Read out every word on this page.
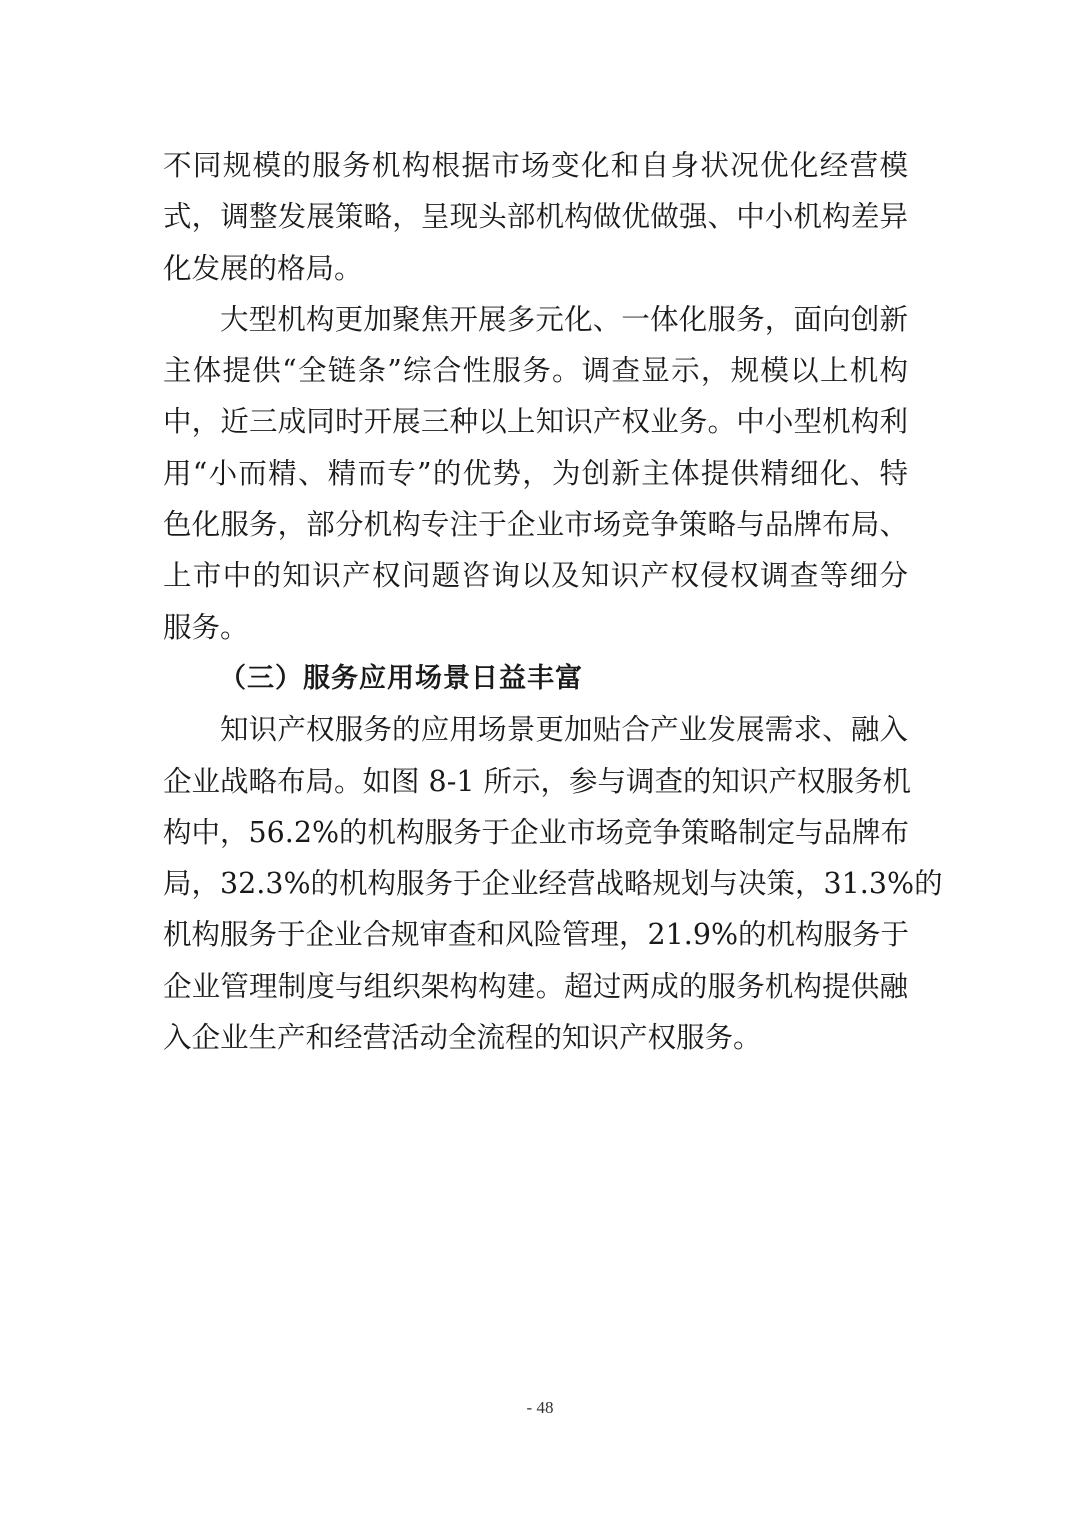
不同规模的服务机构根据市场变化和自身状况优化经营模
式，调整发展策略，呈现头部机构做优做强、中小机构差异
化发展的格局。
大型机构更加聚焦开展多元化、一体化服务，面向创新
主体提供“全链条”综合性服务。调查显示，规模以上机构
中，近三成同时开展三种以上知识产权业务。中小型机构利
用“小而精、精而专”的优势，为创新主体提供精细化、特
色化服务，部分机构专注于企业市场竞争策略与品牌布局、
上市中的知识产权问题咨询以及知识产权侵权调查等细分
服务。
（三）服务应用场景日益丰富
知识产权服务的应用场景更加贴合产业发展需求、融入
企业战略布局。如图 8-1 所示，参与调查的知识产权服务机
构中，56.2%的机构服务于企业市场竞争策略制定与品牌布
局，32.3%的机构服务于企业经营战略规划与决策，31.3%的
机构服务于企业合规审查和风险管理，21.9%的机构服务于
企业管理制度与组织架构构建。超过两成的服务机构提供融
入企业生产和经营活动全流程的知识产权服务。
- 48
